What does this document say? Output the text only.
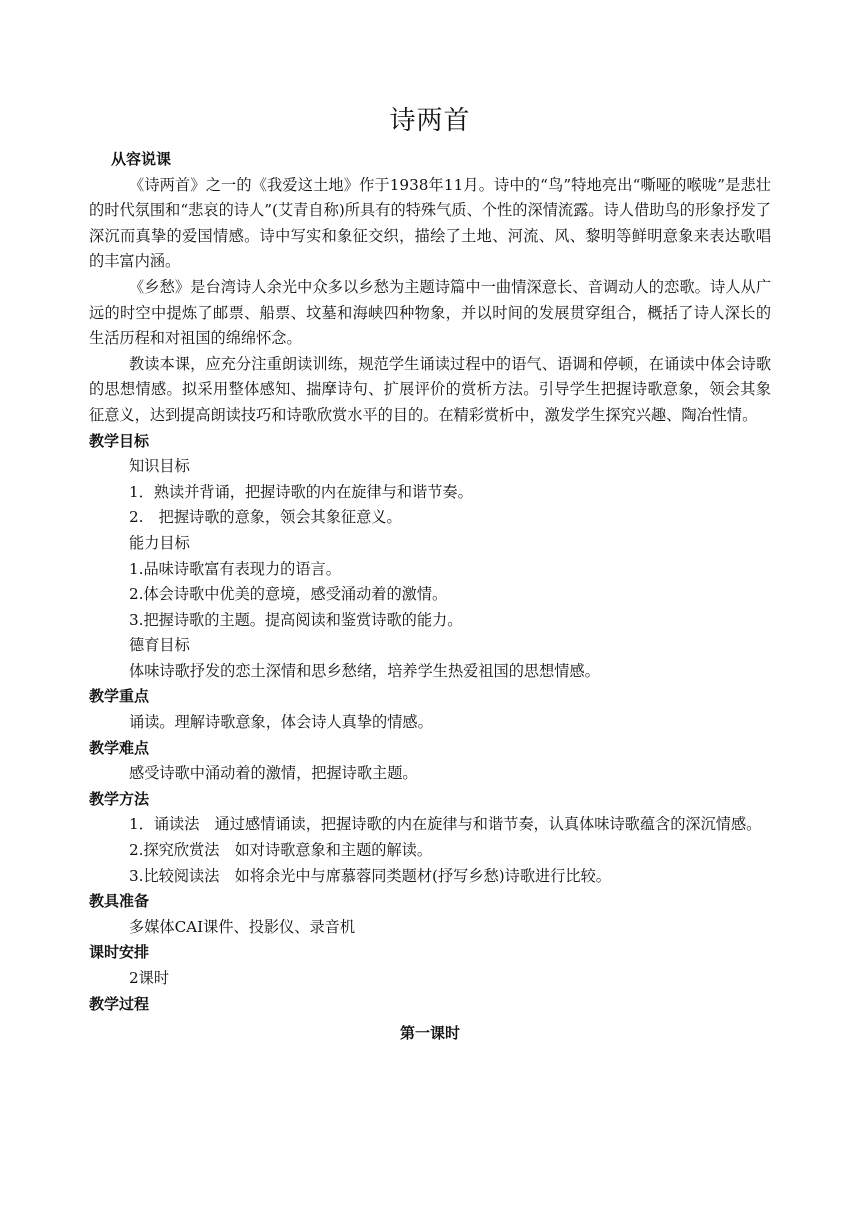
诗两首
从容说课

《诗两首》之一的《我爱这土地》作于1938年11月。诗中的“鸟”特地亮出“嘶哑的喉咙”是悲壮的时代氛围和“悲哀的诗人”(艾青自称)所具有的特殊气质、个性的深情流露。诗人借助鸟的形象抒发了深沉而真挚的爱国情感。诗中写实和象征交织，描绘了土地、河流、风、黎明等鲜明意象来表达歌唱的丰富内涵。

《乡愁》是台湾诗人余光中众多以乡愁为主题诗篇中一曲情深意长、音调动人的恋歌。诗人从广远的时空中提炼了邮票、船票、坟墓和海峡四种物象，并以时间的发展贯穿组合，概括了诗人深长的生活历程和对祖国的绵绵怀念。

教读本课，应充分注重朗读训练，规范学生诵读过程中的语气、语调和停顿，在诵读中体会诗歌的思想情感。拟采用整体感知、揣摩诗句、扩展评价的赏析方法。引导学生把握诗歌意象，领会其象征意义，达到提高朗读技巧和诗歌欣赏水平的目的。在精彩赏析中，激发学生探究兴趣、陶冶性情。

教学目标
知识目标
1．熟读并背诵，把握诗歌的内在旋律与和谐节奏。
2.　把握诗歌的意象，领会其象征意义。
能力目标
1.品味诗歌富有表现力的语言。
2.体会诗歌中优美的意境，感受涌动着的激情。
3.把握诗歌的主题。提高阅读和鉴赏诗歌的能力。
德育目标
体味诗歌抒发的恋土深情和思乡愁绪，培养学生热爱祖国的思想情感。
教学重点
诵读。理解诗歌意象，体会诗人真挚的情感。
教学难点
感受诗歌中涌动着的激情，把握诗歌主题。
教学方法

1．诵读法　通过感情诵读，把握诗歌的内在旋律与和谐节奏，认真体味诗歌蕴含的深沉情感。

2.探究欣赏法　如对诗歌意象和主题的解读。
3.比较阅读法　如将余光中与席慕蓉同类题材(抒写乡愁)诗歌进行比较。
教具准备
多媒体CAI课件、投影仪、录音机
课时安排
2课时
教学过程
第一课时
